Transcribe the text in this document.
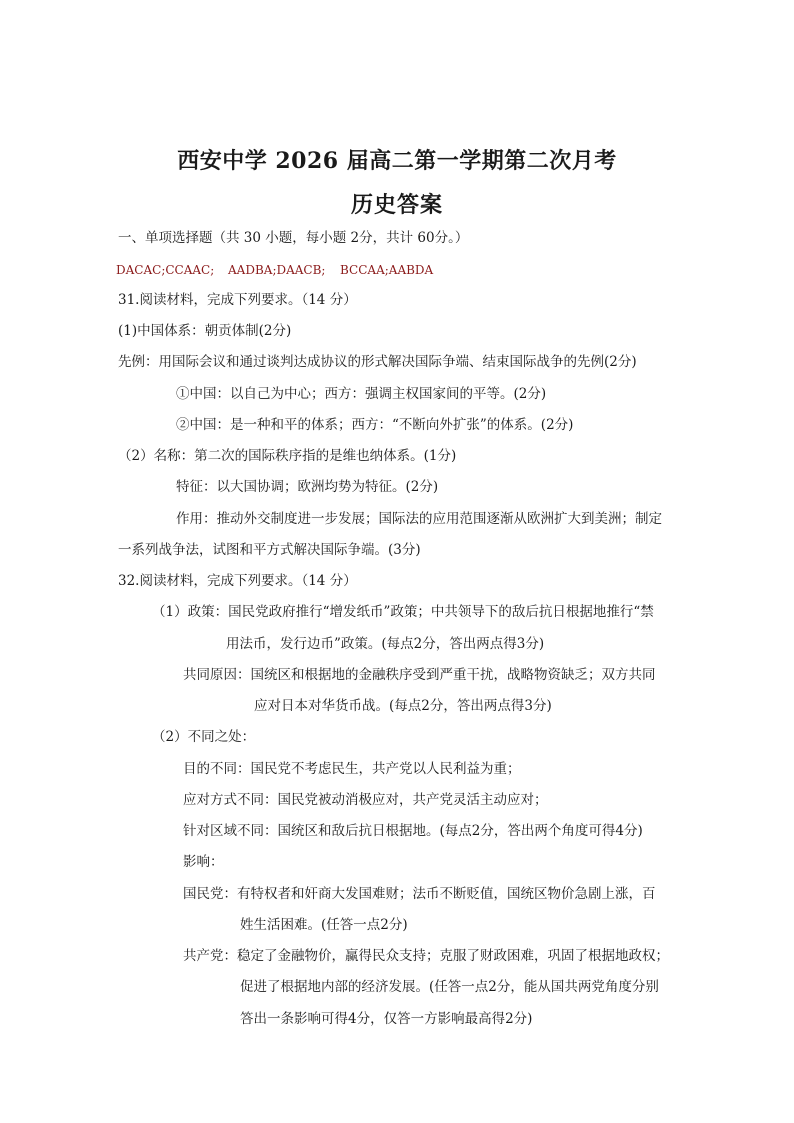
西安中学 2026 届高二第一学期第二次月考
历史答案
一、单项选择题（共 30 小题，每小题 2分，共计 60分。）
DACAC;CCAAC; AADBA;DAACB; BCCAA;AABDA
31.阅读材料，完成下列要求。（14 分）
(1)中国体系：朝贡体制(2分)
先例：用国际会议和通过谈判达成协议的形式解决国际争端、结束国际战争的先例(2分)
①中国：以自己为中心；西方：强调主权国家间的平等。(2分)
②中国：是一种和平的体系；西方：“不断向外扩张”的体系。(2分)
（2）名称：第二次的国际秩序指的是维也纳体系。(1分)
特征：以大国协调；欧洲均势为特征。(2分)
作用：推动外交制度进一步发展；国际法的应用范围逐渐从欧洲扩大到美洲；制定
一系列战争法，试图和平方式解决国际争端。(3分)
32.阅读材料，完成下列要求。（14 分）
（1）政策：国民党政府推行“增发纸币”政策；中共领导下的敌后抗日根据地推行“禁
用法币，发行边币”政策。(每点2分，答出两点得3分)
共同原因：国统区和根据地的金融秩序受到严重干扰，战略物资缺乏；双方共同
应对日本对华货币战。(每点2分，答出两点得3分)
（2）不同之处：
目的不同：国民党不考虑民生，共产党以人民利益为重；
应对方式不同：国民党被动消极应对，共产党灵活主动应对；
针对区域不同：国统区和敌后抗日根据地。(每点2分，答出两个角度可得4分)
影响：
国民党：有特权者和奸商大发国难财；法币不断贬值，国统区物价急剧上涨，百
姓生活困难。(任答一点2分)
共产党：稳定了金融物价，赢得民众支持；克服了财政困难，巩固了根据地政权；
促进了根据地内部的经济发展。(任答一点2分，能从国共两党角度分别
答出一条影响可得4分，仅答一方影响最高得2分)
